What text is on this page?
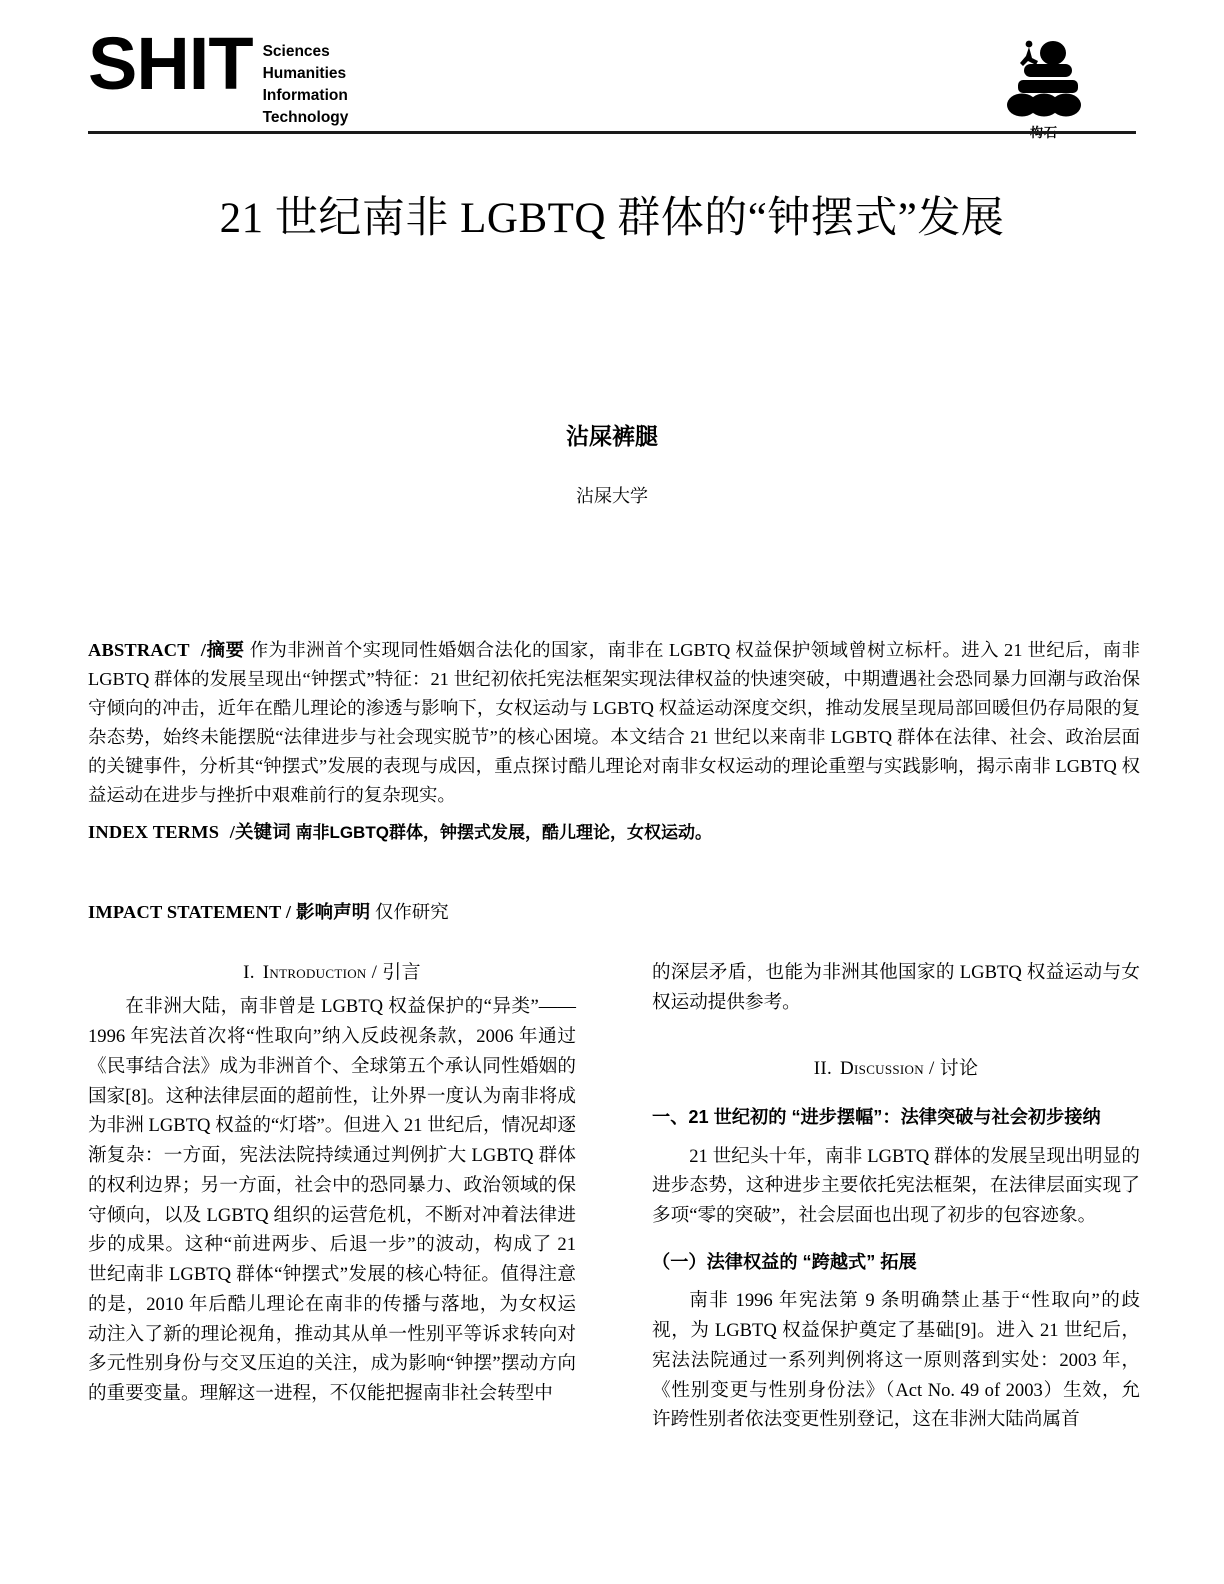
SHIT Sciences
Humanities
Information
Technology
构石
21 世纪南非 LGBTQ 群体的“钟摆式”发展
沾屎裤腿
沾屎大学
ABSTRACT /摘要 作为非洲首个实现同性婚姻合法化的国家，南非在 LGBTQ 权益保护领域曾树立标杆。进入 21 世纪后，南非 LGBTQ 群体的发展呈现出“钟摆式”特征：21 世纪初依托宪法框架实现法律权益的快速突破，中期遭遇社会恐同暴力回潮与政治保守倾向的冲击，近年在酷儿理论的渗透与影响下，女权运动与 LGBTQ 权益运动深度交织，推动发展呈现局部回暖但仍存局限的复杂态势，始终未能摆脱“法律进步与社会现实脱节”的核心困境。本文结合 21 世纪以来南非 LGBTQ 群体在法律、社会、政治层面的关键事件，分析其“钟摆式”发展的表现与成因，重点探讨酷儿理论对南非女权运动的理论重塑与实践影响，揭示南非 LGBTQ 权益运动在进步与挫折中艰难前行的复杂现实。
INDEX TERMS /关键词 南非LGBTQ群体，钟摆式发展，酷儿理论，女权运动。
IMPACT STATEMENT / 影响声明 仅作研究
I. Introduction / 引言

在非洲大陆，南非曾是 LGBTQ 权益保护的“异类”——1996 年宪法首次将“性取向”纳入反歧视条款，2006 年通过《民事结合法》成为非洲首个、全球第五个承认同性婚姻的国家[8]。这种法律层面的超前性，让外界一度认为南非将成为非洲 LGBTQ 权益的“灯塔”。但进入 21 世纪后，情况却逐渐复杂：一方面，宪法法院持续通过判例扩大 LGBTQ 群体的权利边界；另一方面，社会中的恐同暴力、政治领域的保守倾向，以及 LGBTQ 组织的运营危机，不断对冲着法律进步的成果。这种“前进两步、后退一步”的波动，构成了 21 世纪南非 LGBTQ 群体“钟摆式”发展的核心特征。值得注意的是，2010 年后酷儿理论在南非的传播与落地，为女权运动注入了新的理论视角，推动其从单一性别平等诉求转向对多元性别身份与交叉压迫的关注，成为影响“钟摆”摆动方向的重要变量。理解这一进程，不仅能把握南非社会转型中

的深层矛盾，也能为非洲其他国家的 LGBTQ 权益运动与女权运动提供参考。

II. Discussion / 讨论
一、21 世纪初的 “进步摆幅”：法律突破与社会初步接纳

21 世纪头十年，南非 LGBTQ 群体的发展呈现出明显的进步态势，这种进步主要依托宪法框架，在法律层面实现了多项“零的突破”，社会层面也出现了初步的包容迹象。

（一）法律权益的 “跨越式” 拓展

南非 1996 年宪法第 9 条明确禁止基于“性取向”的歧视，为 LGBTQ 权益保护奠定了基础[9]。进入 21 世纪后，宪法法院通过一系列判例将这一原则落到实处：2003 年，《性别变更与性别身份法》（Act No. 49 of 2003）生效，允许跨性别者依法变更性别登记，这在非洲大陆尚属首
